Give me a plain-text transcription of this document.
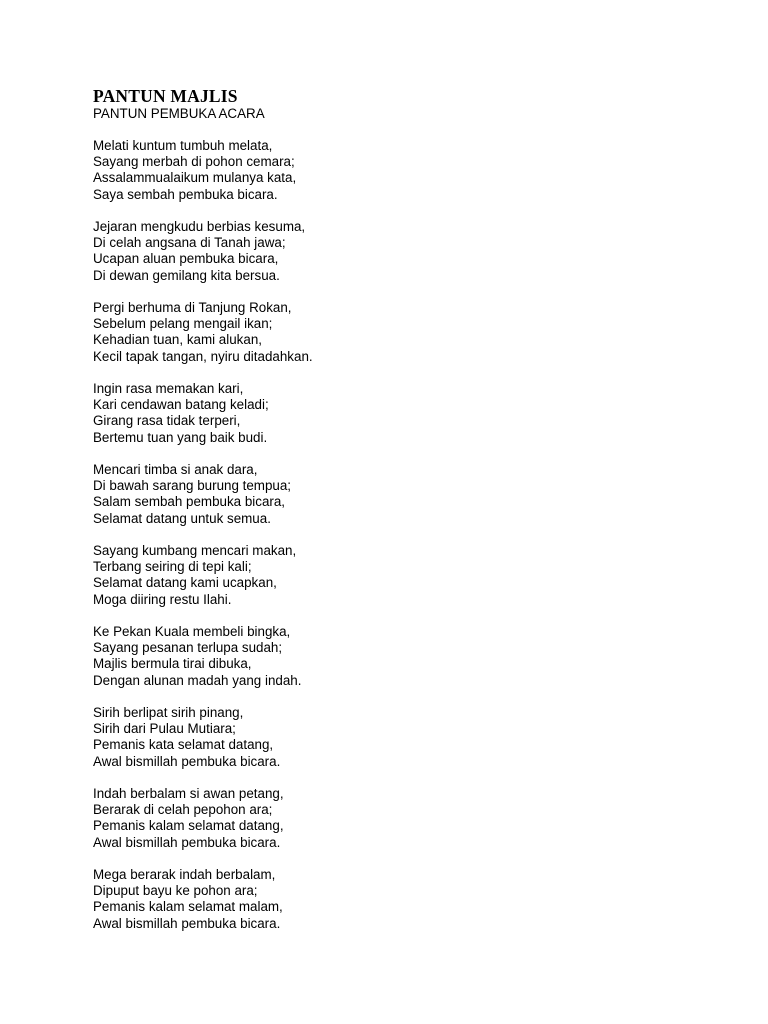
PANTUN MAJLIS
PANTUN PEMBUKA ACARA
Melati kuntum tumbuh melata,
Sayang merbah di pohon cemara;
Assalammualaikum mulanya kata,
Saya sembah pembuka bicara.
Jejaran mengkudu berbias kesuma,
Di celah angsana di Tanah jawa;
Ucapan aluan pembuka bicara,
Di dewan gemilang kita bersua.
Pergi berhuma di Tanjung Rokan,
Sebelum pelang mengail ikan;
Kehadian tuan, kami alukan,
Kecil tapak tangan, nyiru ditadahkan.
Ingin rasa memakan kari,
Kari cendawan batang keladi;
Girang rasa tidak terperi,
Bertemu tuan yang baik budi.
Mencari timba si anak dara,
Di bawah sarang burung tempua;
Salam sembah pembuka bicara,
Selamat datang untuk semua.
Sayang kumbang mencari makan,
Terbang seiring di tepi kali;
Selamat datang kami ucapkan,
Moga diiring restu Ilahi.
Ke Pekan Kuala membeli bingka,
Sayang pesanan terlupa sudah;
Majlis bermula tirai dibuka,
Dengan alunan madah yang indah.
Sirih berlipat sirih pinang,
Sirih dari Pulau Mutiara;
Pemanis kata selamat datang,
Awal bismillah pembuka bicara.
Indah berbalam si awan petang,
Berarak di celah pepohon ara;
Pemanis kalam selamat datang,
Awal bismillah pembuka bicara.
Mega berarak indah berbalam,
Dipuput bayu ke pohon ara;
Pemanis kalam selamat malam,
Awal bismillah pembuka bicara.
